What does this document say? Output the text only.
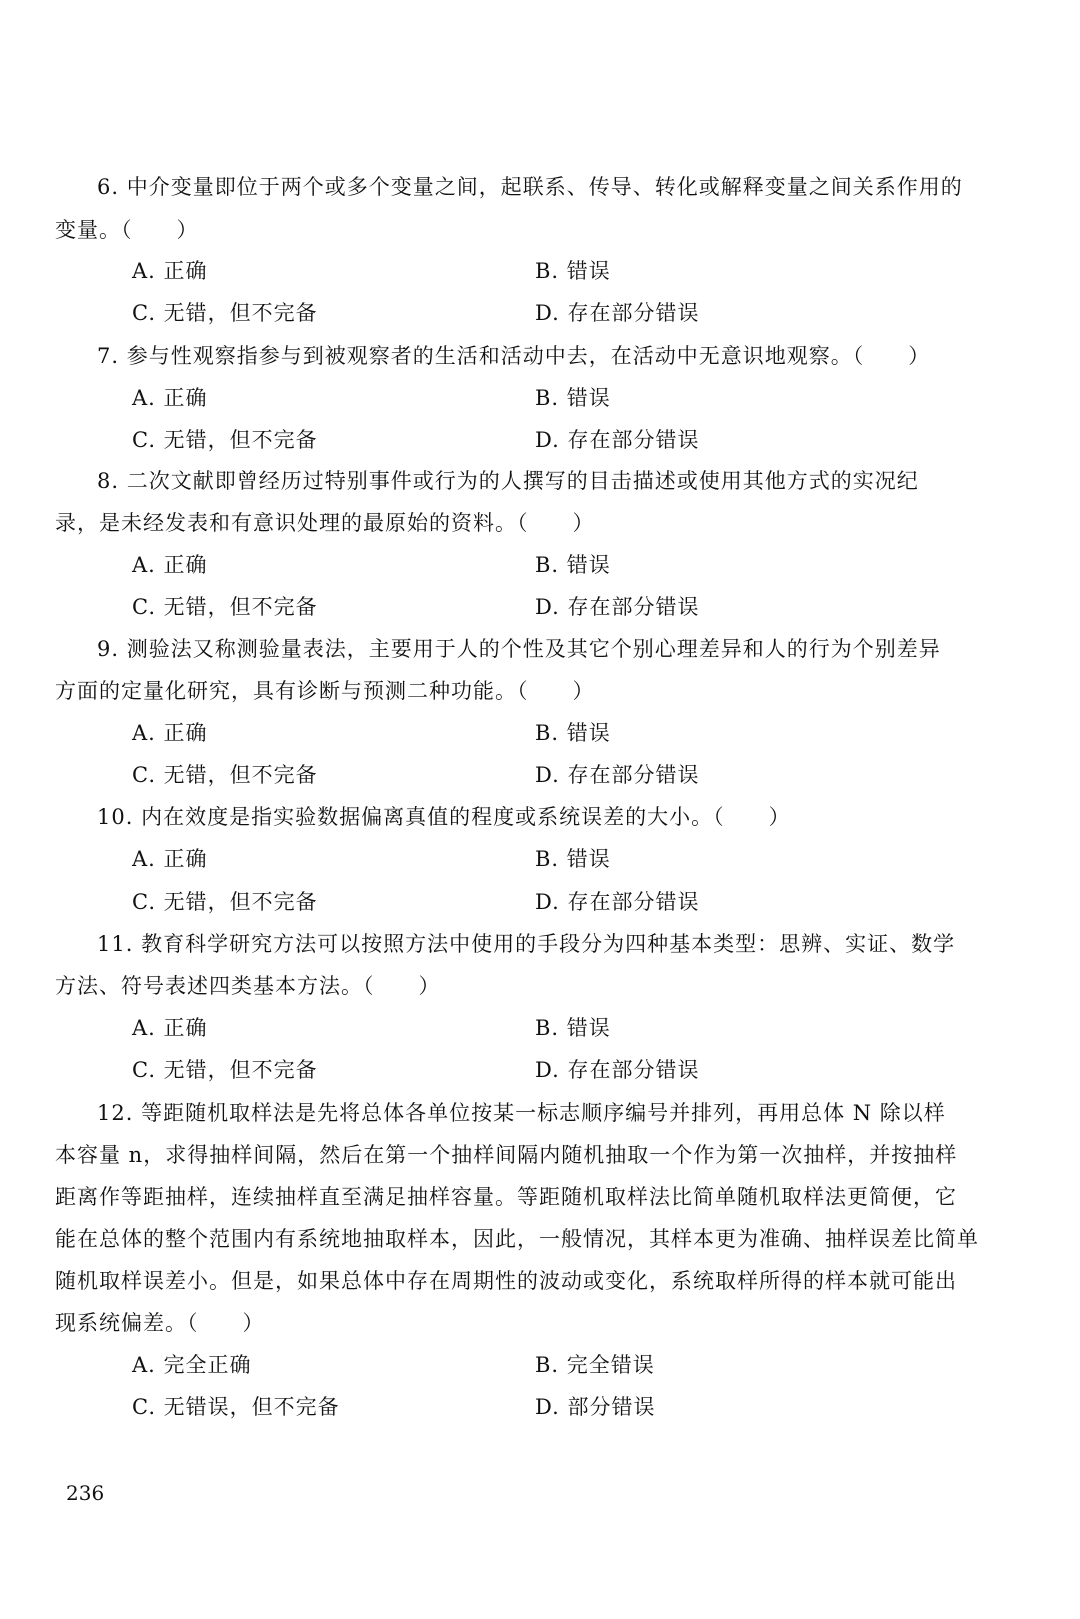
6. 中介变量即位于两个或多个变量之间，起联系、传导、转化或解释变量之间关系作用的
变量。（　　）
A. 正确	B. 错误
C. 无错，但不完备	D. 存在部分错误
7. 参与性观察指参与到被观察者的生活和活动中去，在活动中无意识地观察。（　　）
A. 正确	B. 错误
C. 无错，但不完备	D. 存在部分错误
8. 二次文献即曾经历过特别事件或行为的人撰写的目击描述或使用其他方式的实况纪
录，是未经发表和有意识处理的最原始的资料。（　　）
A. 正确	B. 错误
C. 无错，但不完备	D. 存在部分错误
9. 测验法又称测验量表法，主要用于人的个性及其它个别心理差异和人的行为个别差异
方面的定量化研究，具有诊断与预测二种功能。（　　）
A. 正确	B. 错误
C. 无错，但不完备	D. 存在部分错误
10. 内在效度是指实验数据偏离真值的程度或系统误差的大小。（　　）
A. 正确	B. 错误
C. 无错，但不完备	D. 存在部分错误
11. 教育科学研究方法可以按照方法中使用的手段分为四种基本类型：思辨、实证、数学
方法、符号表述四类基本方法。（　　）
A. 正确	B. 错误
C. 无错，但不完备	D. 存在部分错误
12. 等距随机取样法是先将总体各单位按某一标志顺序编号并排列，再用总体 N 除以样
本容量 n，求得抽样间隔，然后在第一个抽样间隔内随机抽取一个作为第一次抽样，并按抽样
距离作等距抽样，连续抽样直至满足抽样容量。等距随机取样法比简单随机取样法更简便，它
能在总体的整个范围内有系统地抽取样本，因此，一般情况，其样本更为准确、抽样误差比简单
随机取样误差小。但是，如果总体中存在周期性的波动或变化，系统取样所得的样本就可能出
现系统偏差。（　　）
A. 完全正确	B. 完全错误
C. 无错误，但不完备	D. 部分错误
236
